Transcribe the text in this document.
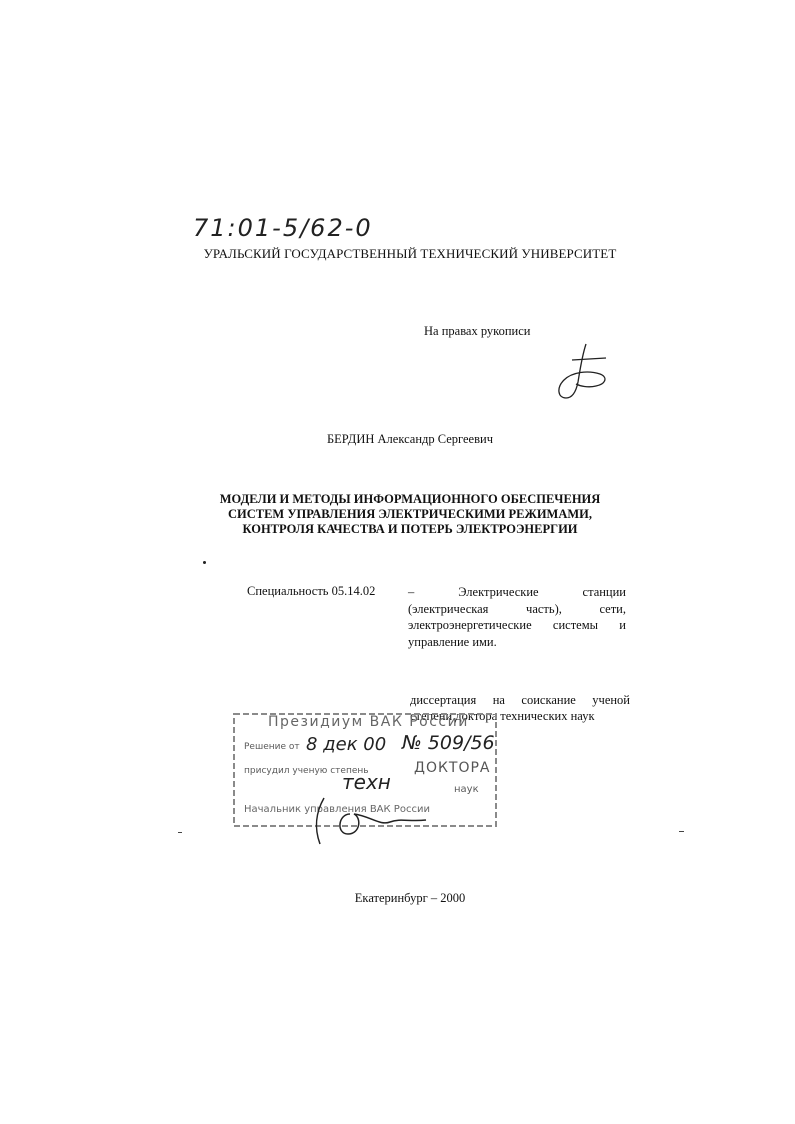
71:01-5/62-0
УРАЛЬСКИЙ ГОСУДАРСТВЕННЫЙ ТЕХНИЧЕСКИЙ УНИВЕРСИТЕТ
На правах рукописи
БЕРДИН Александр Сергеевич
МОДЕЛИ И МЕТОДЫ ИНФОРМАЦИОННОГО ОБЕСПЕЧЕНИЯ
СИСТЕМ УПРАВЛЕНИЯ ЭЛЕКТРИЧЕСКИМИ РЕЖИМАМИ,
КОНТРОЛЯ КАЧЕСТВА И ПОТЕРЬ ЭЛЕКТРОЭНЕРГИИ
Специальность 05.14.02	– Электрические станции (электрическая часть), сети, электроэнергетические системы и управление ими.
диссертация на соискание ученой степени доктора технических наук
Президиум ВАК России
Решение от 8 дек 00 № 509/56
присудил ученую степень	ДОКТОРА
техн	наук
Начальник управления ВАК России
Екатеринбург – 2000
